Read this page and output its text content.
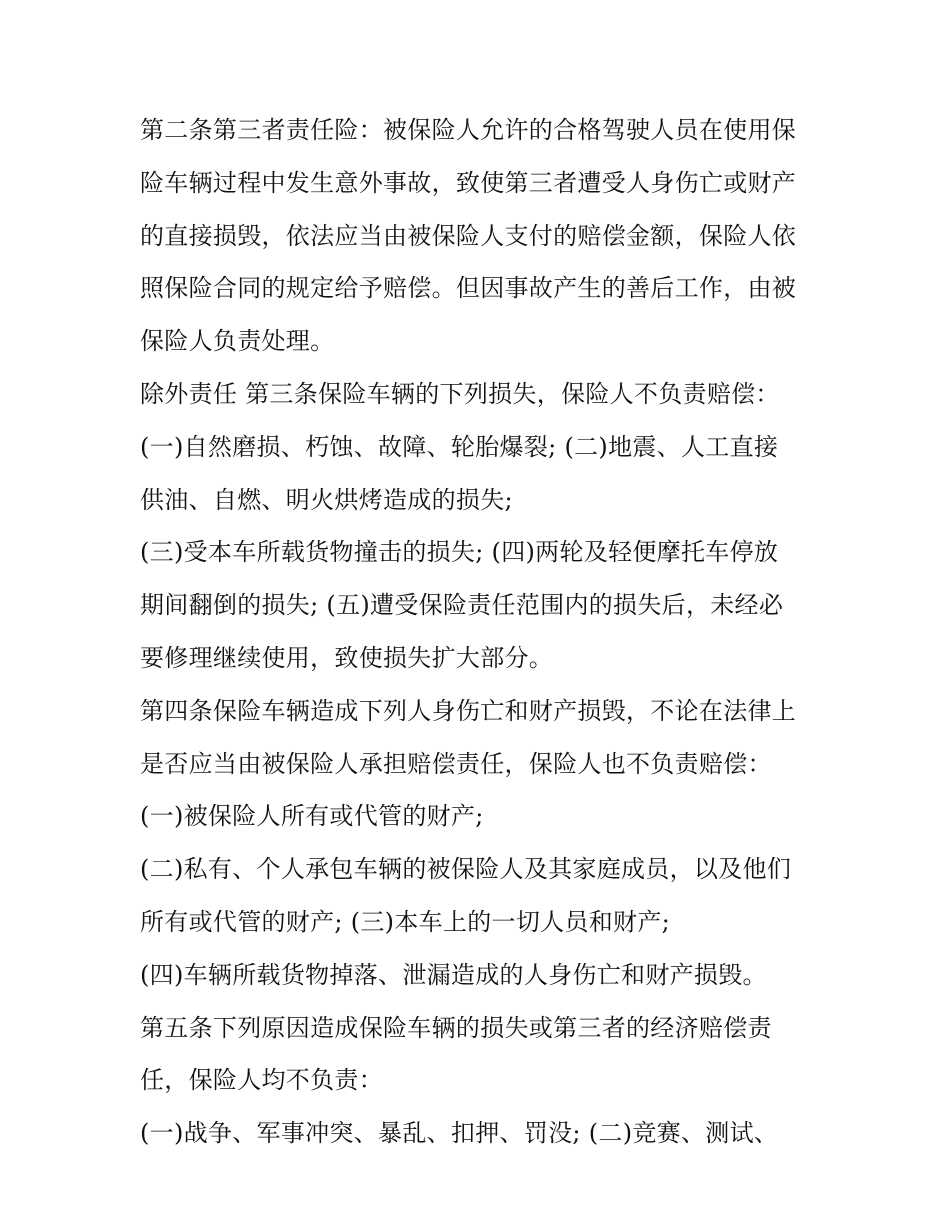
第二条第三者责任险：被保险人允许的合格驾驶人员在使用保
险车辆过程中发生意外事故，致使第三者遭受人身伤亡或财产
的直接损毁，依法应当由被保险人支付的赔偿金额，保险人依
照保险合同的规定给予赔偿。但因事故产生的善后工作，由被
保险人负责处理。
除外责任 第三条保险车辆的下列损失，保险人不负责赔偿：
(一)自然磨损、朽蚀、故障、轮胎爆裂; (二)地震、人工直接
供油、自燃、明火烘烤造成的损失;
(三)受本车所载货物撞击的损失; (四)两轮及轻便摩托车停放
期间翻倒的损失; (五)遭受保险责任范围内的损失后，未经必
要修理继续使用，致使损失扩大部分。
第四条保险车辆造成下列人身伤亡和财产损毁，不论在法律上
是否应当由被保险人承担赔偿责任，保险人也不负责赔偿：
(一)被保险人所有或代管的财产;
(二)私有、个人承包车辆的被保险人及其家庭成员，以及他们
所有或代管的财产; (三)本车上的一切人员和财产;
(四)车辆所载货物掉落、泄漏造成的人身伤亡和财产损毁。
第五条下列原因造成保险车辆的损失或第三者的经济赔偿责
任，保险人均不负责：
(一)战争、军事冲突、暴乱、扣押、罚没; (二)竞赛、测试、
